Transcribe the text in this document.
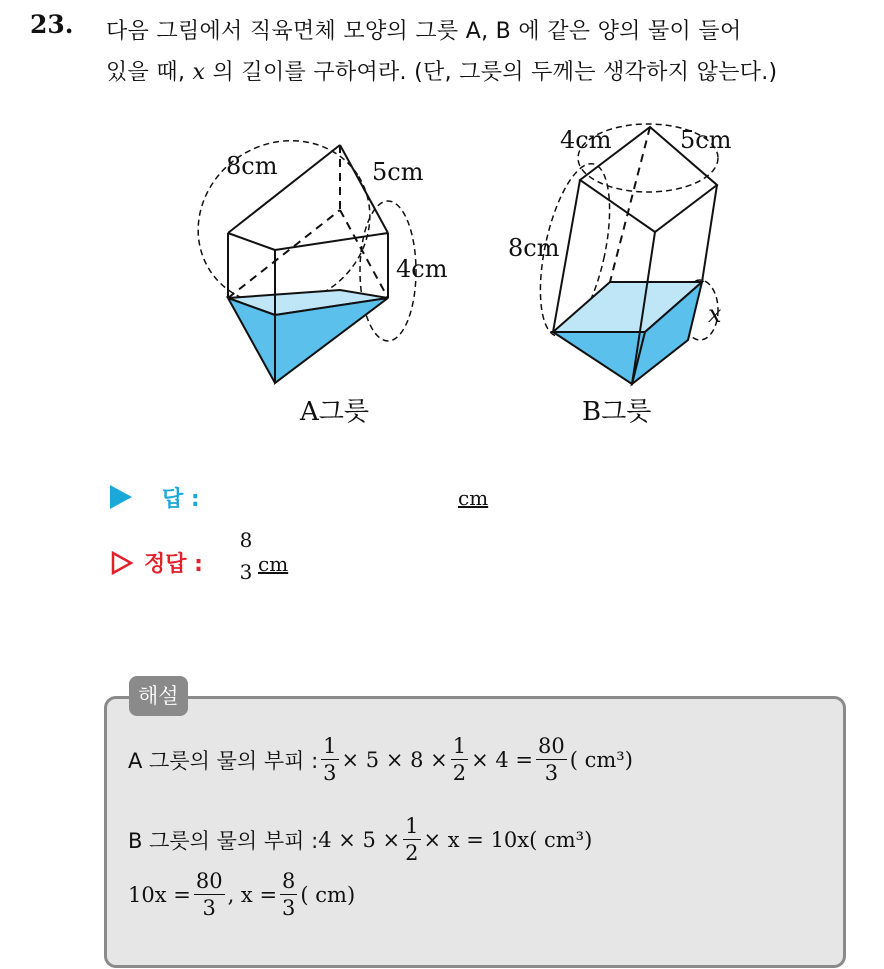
23. 다음 그림에서 직육면체 모양의 그릇 A, B 에 같은 양의 물이 들어
있을 때, x 의 길이를 구하여라. (단, 그릇의 두께는 생각하지 않는다.)
8cm	5cm
4cm
A그릇
4cm	5cm
8cm
x
B그릇
답 :	cm
정답 :
8
3 cm
해설
A 그릇의 물의 부피 : $\frac{1}{3} \times 5 \times 8 \times \frac{1}{2} \times 4 = \frac{80}{3}$ ( cm³)
B 그릇의 물의 부피 : $4 \times 5 \times \frac{1}{2} \times x = 10x$( cm³)
$10x = \frac{80}{3}$ , $x = \frac{8}{3}$ ( cm)
